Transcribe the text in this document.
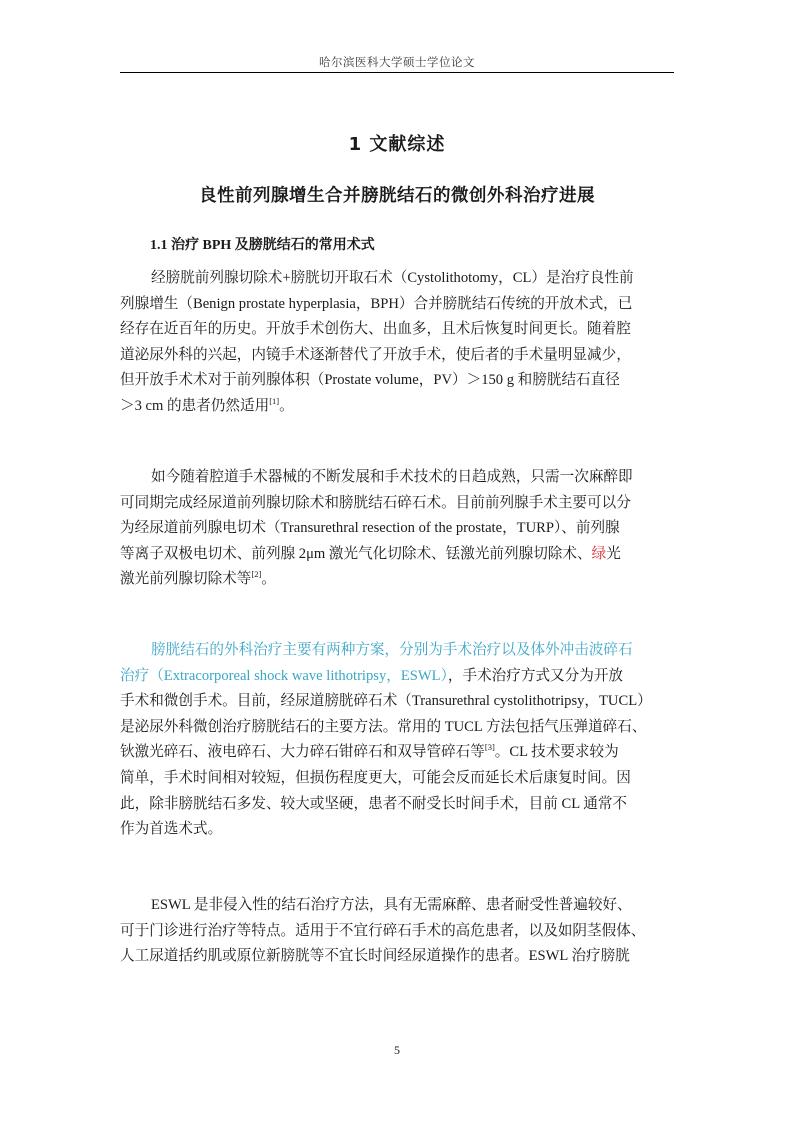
哈尔滨医科大学硕士学位论文
1 文献综述
良性前列腺增生合并膀胱结石的微创外科治疗进展
1.1 治疗 BPH 及膀胱结石的常用术式
经膀胱前列腺切除术+膀胱切开取石术（Cystolithotomy，CL）是治疗良性前
列腺增生（Benign prostate hyperplasia，BPH）合并膀胱结石传统的开放术式，已
经存在近百年的历史。开放手术创伤大、出血多，且术后恢复时间更长。随着腔
道泌尿外科的兴起，内镜手术逐渐替代了开放手术，使后者的手术量明显减少，
但开放手术术对于前列腺体积（Prostate volume，PV）＞150 g 和膀胱结石直径
＞3 cm 的患者仍然适用[1]。
如今随着腔道手术器械的不断发展和手术技术的日趋成熟，只需一次麻醉即
可同期完成经尿道前列腺切除术和膀胱结石碎石术。目前前列腺手术主要可以分
为经尿道前列腺电切术（Transurethral resection of the prostate，TURP）、前列腺
等离子双极电切术、前列腺 2μm 激光气化切除术、铥激光前列腺切除术、绿光
激光前列腺切除术等[2]。
膀胱结石的外科治疗主要有两种方案，分别为手术治疗以及体外冲击波碎石
治疗（Extracorporeal shock wave lithotripsy，ESWL），手术治疗方式又分为开放
手术和微创手术。目前，经尿道膀胱碎石术（Transurethral cystolithotripsy，TUCL）
是泌尿外科微创治疗膀胱结石的主要方法。常用的 TUCL 方法包括气压弹道碎石、
钬激光碎石、液电碎石、大力碎石钳碎石和双导管碎石等[3]。CL 技术要求较为
简单，手术时间相对较短，但损伤程度更大，可能会反而延长术后康复时间。因
此，除非膀胱结石多发、较大或坚硬，患者不耐受长时间手术，目前 CL 通常不
作为首选术式。
ESWL 是非侵入性的结石治疗方法，具有无需麻醉、患者耐受性普遍较好、
可于门诊进行治疗等特点。适用于不宜行碎石手术的高危患者，以及如阴茎假体、
人工尿道括约肌或原位新膀胱等不宜长时间经尿道操作的患者。ESWL 治疗膀胱
5
